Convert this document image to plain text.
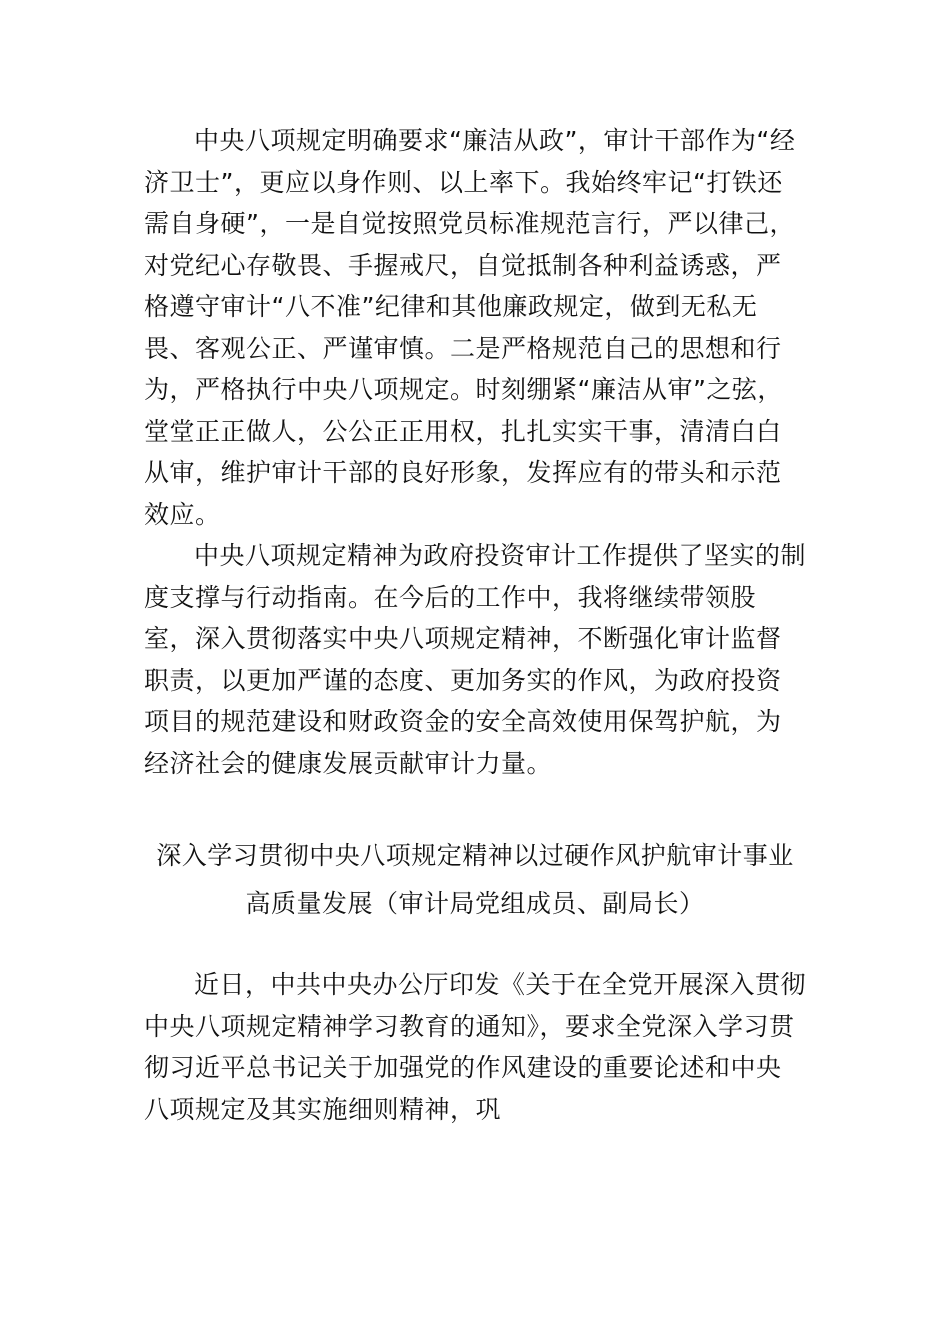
中央八项规定明确要求“廉洁从政”，审计干部作为“经济卫士”，更应以身作则、以上率下。我始终牢记“打铁还需自身硬”，一是自觉按照党员标准规范言行，严以律己，对党纪心存敬畏、手握戒尺，自觉抵制各种利益诱惑，严格遵守审计“八不准”纪律和其他廉政规定，做到无私无畏、客观公正、严谨审慎。二是严格规范自己的思想和行为，严格执行中央八项规定。时刻绷紧“廉洁从审”之弦，堂堂正正做人，公公正正用权，扎扎实实干事，清清白白从审，维护审计干部的良好形象，发挥应有的带头和示范效应。

中央八项规定精神为政府投资审计工作提供了坚实的制度支撑与行动指南。在今后的工作中，我将继续带领股室，深入贯彻落实中央八项规定精神，不断强化审计监督职责，以更加严谨的态度、更加务实的作风，为政府投资项目的规范建设和财政资金的安全高效使用保驾护航，为经济社会的健康发展贡献审计力量。

深入学习贯彻中央八项规定精神以过硬作风护航审计事业
高质量发展（审计局党组成员、副局长）

近日，中共中央办公厅印发《关于在全党开展深入贯彻中央八项规定精神学习教育的通知》，要求全党深入学习贯彻习近平总书记关于加强党的作风建设的重要论述和中央八项规定及其实施细则精神，巩
